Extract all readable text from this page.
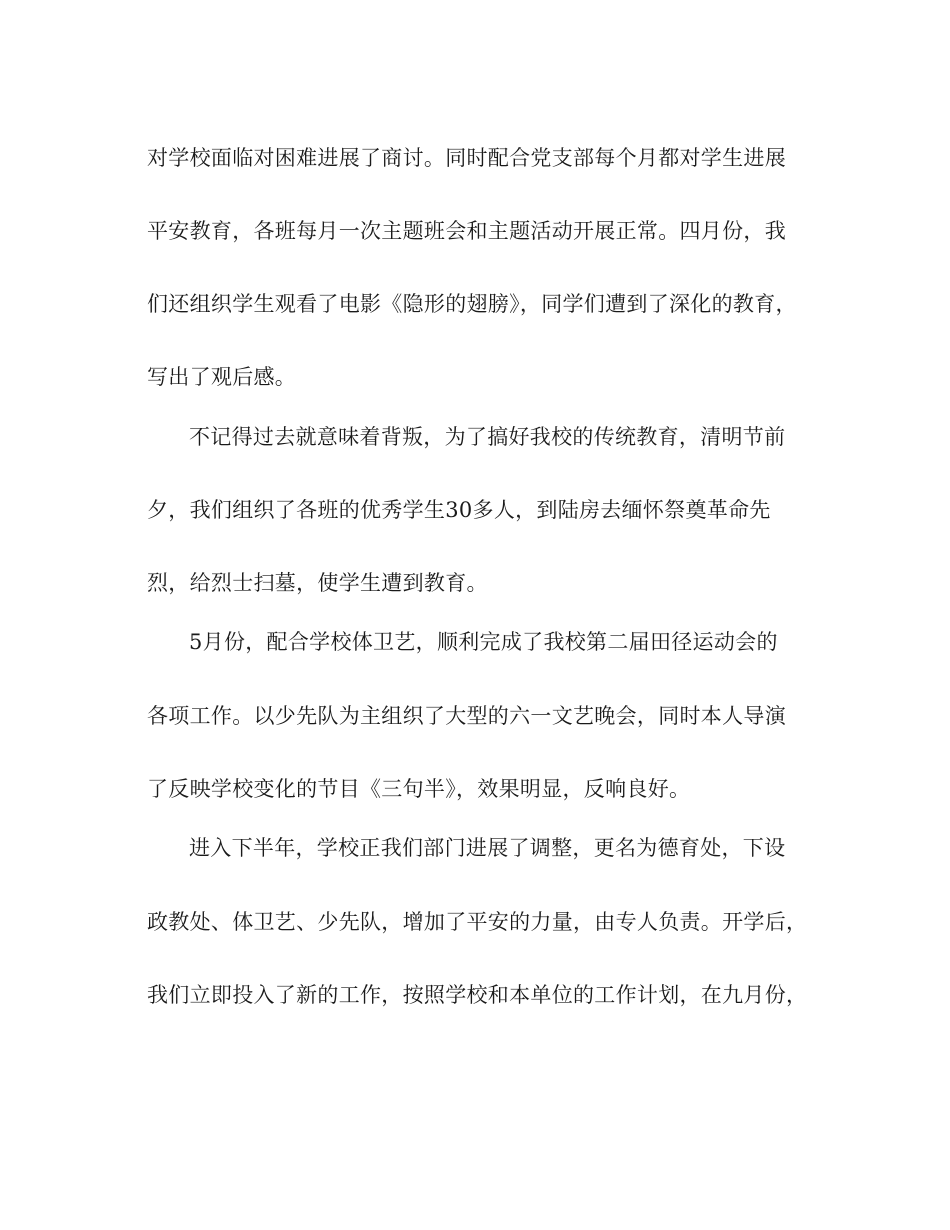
对学校面临对困难进展了商讨。同时配合党支部每个月都对学生进展
平安教育，各班每月一次主题班会和主题活动开展正常。四月份，我
们还组织学生观看了电影《隐形的翅膀》，同学们遭到了深化的教育，
写出了观后感。
不记得过去就意味着背叛，为了搞好我校的传统教育，清明节前
夕，我们组织了各班的优秀学生30多人，到陆房去缅怀祭奠革命先
烈，给烈士扫墓，使学生遭到教育。
5月份，配合学校体卫艺，顺利完成了我校第二届田径运动会的
各项工作。以少先队为主组织了大型的六一文艺晚会，同时本人导演
了反映学校变化的节目《三句半》，效果明显，反响良好。
进入下半年，学校正我们部门进展了调整，更名为德育处，下设
政教处、体卫艺、少先队，增加了平安的力量，由专人负责。开学后，
我们立即投入了新的工作，按照学校和本单位的工作计划，在九月份，
